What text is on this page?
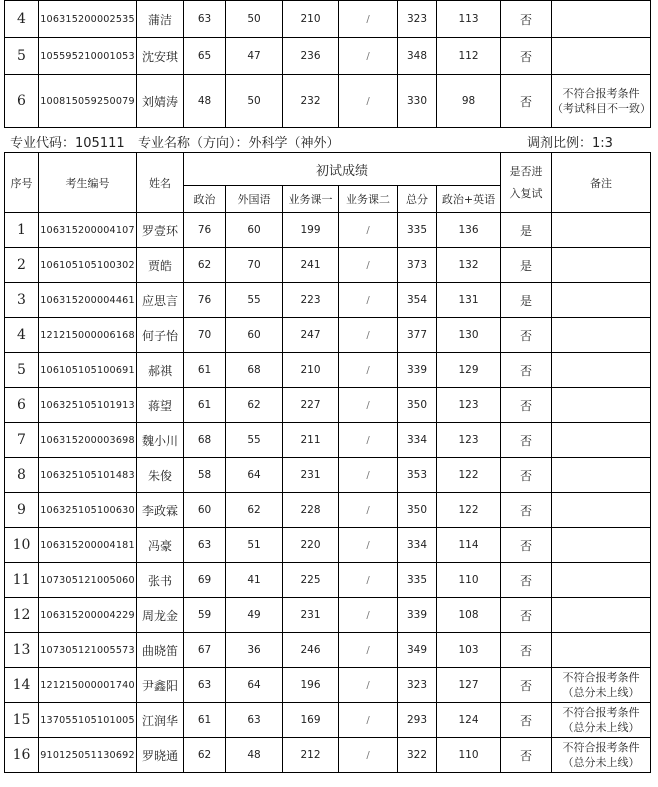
4	106315200002535	蒲洁	63	50	210	/	323	113	否	
5	105595210001053	沈安琪	65	47	236	/	348	112	否	
6	100815059250079	刘婧涛	48	50	232	/	330	98	否	不符合报考条件（考试科目不一致）
专业代码：105111 专业名称（方向）：外科学（神外）	调剂比例：1:3
序号	考生编号	姓名	初试成绩						是否进入复试	备注
			政治	外国语	业务课一	业务课二	总分	政治+英语		
1	106315200004107	罗壹环	76	60	199	/	335	136	是	
2	106105105100302	贾皓	62	70	241	/	373	132	是	
3	106315200004461	应思言	76	55	223	/	354	131	是	
4	121215000006168	何子怡	70	60	247	/	377	130	否	
5	106105105100691	郝祺	61	68	210	/	339	129	否	
6	106325105101913	蒋望	61	62	227	/	350	123	否	
7	106315200003698	魏小川	68	55	211	/	334	123	否	
8	106325105101483	朱俊	58	64	231	/	353	122	否	
9	106325105100630	李政霖	60	62	228	/	350	122	否	
10	106315200004181	冯豪	63	51	220	/	334	114	否	
11	107305121005060	张书	69	41	225	/	335	110	否	
12	106315200004229	周龙金	59	49	231	/	339	108	否	
13	107305121005573	曲晓笛	67	36	246	/	349	103	否	
14	121215000001740	尹鑫阳	63	64	196	/	323	127	否	不符合报考条件（总分未上线）
15	137055105101005	江润华	61	63	169	/	293	124	否	不符合报考条件（总分未上线）
16	910125051130692	罗晓通	62	48	212	/	322	110	否	不符合报考条件（总分未上线）
